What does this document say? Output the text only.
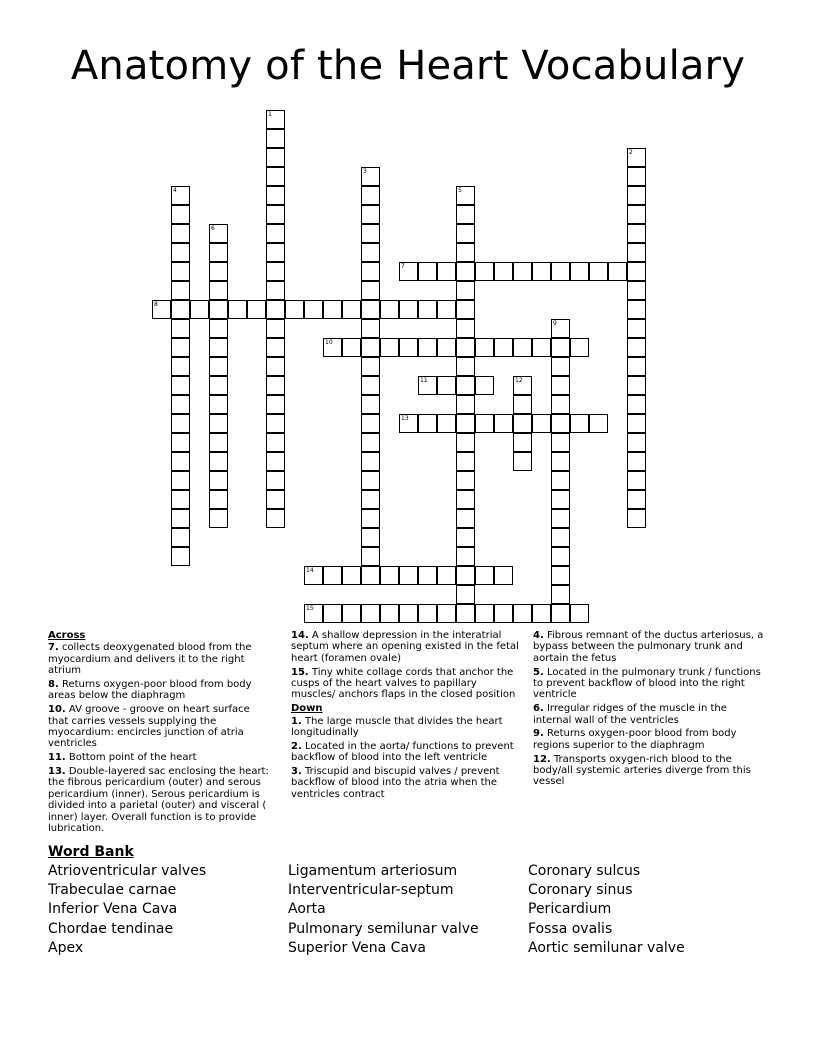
Anatomy of the Heart Vocabulary
1
2
3
4	5
6
7
8
9
10
11	12
13
14
15
Across
7. collects deoxygenated blood from the myocardium and delivers it to the right atrium
8. Returns oxygen-poor blood from body areas below the diaphragm
10. AV groove - groove on heart surface that carries vessels supplying the myocardium: encircles junction of atria ventricles
11. Bottom point of the heart
13. Double-layered sac enclosing the heart: the fibrous pericardium (outer) and serous pericardium (inner). Serous pericardium is divided into a parietal (outer) and visceral ( inner) layer. Overall function is to provide lubrication.
14. A shallow depression in the interatrial septum where an opening existed in the fetal heart (foramen ovale)
15. Tiny white collage cords that anchor the cusps of the heart valves to papillary muscles/ anchors flaps in the closed position
Down
1. The large muscle that divides the heart longitudinally
2. Located in the aorta/ functions to prevent backflow of blood into the left ventricle
3. Triscupid and biscupid valves / prevent backflow of blood into the atria when the ventricles contract
4. Fibrous remnant of the ductus arteriosus, a bypass between the pulmonary trunk and aortain the fetus
5. Located in the pulmonary trunk / functions to prevent backflow of blood into the right ventricle
6. Irregular ridges of the muscle in the internal wall of the ventricles
9. Returns oxygen-poor blood from body regions superior to the diaphragm
12. Transports oxygen-rich blood to the body/all systemic arteries diverge from this vessel
Word Bank
Atrioventricular valves
Trabeculae carnae
Inferior Vena Cava
Chordae tendinae
Apex
Ligamentum arteriosum
Interventricular-septum
Aorta
Pulmonary semilunar valve
Superior Vena Cava
Coronary sulcus
Coronary sinus
Pericardium
Fossa ovalis
Aortic semilunar valve
